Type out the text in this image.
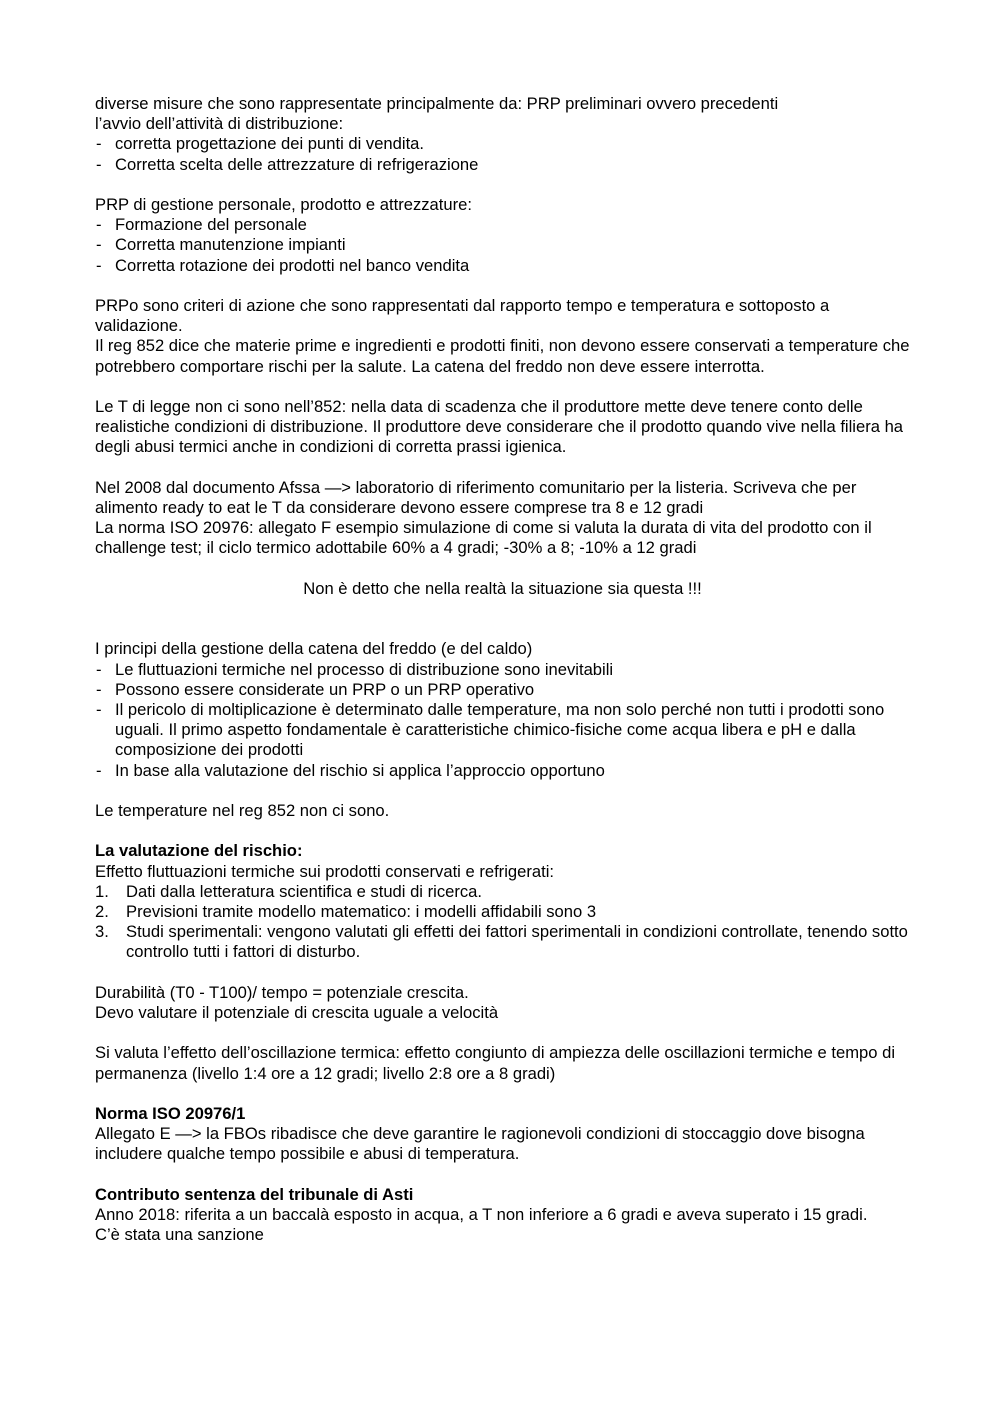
diverse misure che sono rappresentate principalmente da: PRP preliminari ovvero precedenti

l’avvio dell’attività di distribuzione:

- corretta progettazione dei punti di vendita.
- Corretta scelta delle attrezzature di refrigerazione

PRP di gestione personale, prodotto e attrezzature:

- Formazione del personale
- Corretta manutenzione impianti
- Corretta rotazione dei prodotti nel banco vendita

PRPo sono criteri di azione che sono rappresentati dal rapporto tempo e temperatura e sottoposto a validazione.

Il reg 852 dice che materie prime e ingredienti e prodotti finiti, non devono essere conservati a temperature che potrebbero comportare rischi per la salute. La catena del freddo non deve essere interrotta.

Le T di legge non ci sono nell’852: nella data di scadenza che il produttore mette deve tenere conto delle realistiche condizioni di distribuzione. Il produttore deve considerare che il prodotto quando vive nella filiera ha degli abusi termici anche in condizioni di corretta prassi igienica.

Nel 2008 dal documento Afssa —> laboratorio di riferimento comunitario per la listeria. Scriveva che per alimento ready to eat le T da considerare devono essere comprese tra 8 e 12 gradi

La norma ISO 20976: allegato F esempio simulazione di come si valuta la durata di vita del prodotto con il challenge test; il ciclo termico adottabile 60% a 4 gradi; -30% a 8; -10% a 12 gradi

Non è detto che nella realtà la situazione sia questa !!!

I principi della gestione della catena del freddo (e del caldo)

- Le fluttuazioni termiche nel processo di distribuzione sono inevitabili
- Possono essere considerate un PRP o un PRP operativo
- Il pericolo di moltiplicazione è determinato dalle temperature, ma non solo perché non tutti i prodotti sono uguali. Il primo aspetto fondamentale è caratteristiche chimico-fisiche come acqua libera e pH e dalla composizione dei prodotti
- In base alla valutazione del rischio si applica l’approccio opportuno

Le temperature nel reg 852 non ci sono.

La valutazione del rischio:

Effetto fluttuazioni termiche sui prodotti conservati e refrigerati:

1. Dati dalla letteratura scientifica e studi di ricerca.
2. Previsioni tramite modello matematico: i modelli affidabili sono 3
3. Studi sperimentali: vengono valutati gli effetti dei fattori sperimentali in condizioni controllate, tenendo sotto controllo tutti i fattori di disturbo.

Durabilità (T0 - T100)/ tempo = potenziale crescita.

Devo valutare il potenziale di crescita uguale a velocità

Si valuta l’effetto dell’oscillazione termica: effetto congiunto di ampiezza delle oscillazioni termiche e tempo di permanenza (livello 1:4 ore a 12 gradi; livello 2:8 ore a 8 gradi)

Norma ISO 20976/1

Allegato E —> la FBOs ribadisce che deve garantire le ragionevoli condizioni di stoccaggio dove bisogna includere qualche tempo possibile e abusi di temperatura.

Contributo sentenza del tribunale di Asti

Anno 2018: riferita a un baccalà esposto in acqua, a T non inferiore a 6 gradi e aveva superato i 15 gradi.

C’è stata una sanzione
